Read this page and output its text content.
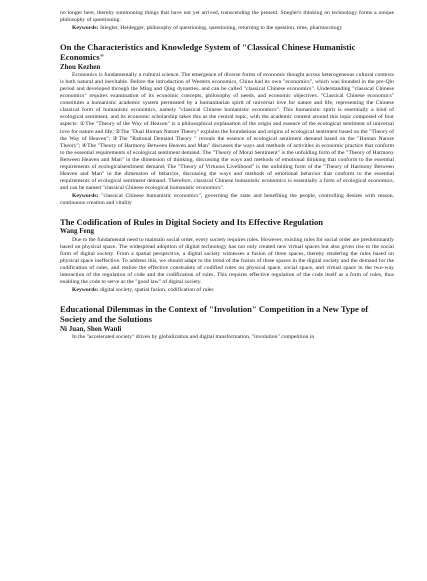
no longer here, thereby summoning things that have not yet arrived, transcending the present. Stiegler's thinking on technology forms a unique philosophy of questioning.

Keywords: Stiegler, Heidegger, philosophy of questioning, questioning, returning to the question, time, pharmacology

On the Characteristics and Knowledge System of "Classical Chinese Humanistic Economics"
Zhou Kezhen

Economics is fundamentally a cultural science. The emergence of diverse forms of economic thought across heterogeneous cultural contexts is both natural and inevitable. Before the introduction of Western economics, China had its own "economics", which was founded in the pre-Qin period and developed through the Ming and Qing dynasties, and can be called "classical Chinese economics". Understanding "classical Chinese economics" requires examination of its economic concepts, philosophy of needs, and economic objectives. "Classical Chinese economics" constitutes a humanistic academic system permeated by a humanitarian spirit of universal love for nature and life, representing the Chinese classical form of humanistic economics, namely "classical Chinese humanistic economics". This humanistic spirit is essentially a kind of ecological sentiment, and its economic scholarship takes this as the central topic, with the academic content around this topic composed of four aspects: ①The "Theory of the Way of Heaven" is a philosophical explanation of the origin and essence of the ecological sentiment of universal love for nature and life; ②The "Dual Human Nature Theory" explains the foundations and origins of ecological sentiment based on the "Theory of the Way of Heaven"; ③The "Rational Demand Theory " reveals the essence of ecological sentiment demand based on the "Human Nature Theory"; ④The "Theory of Harmony Between Heaven and Man" discusses the ways and methods of activities in economic practice that conform to the essential requirements of ecological sentiment demand. The "Theory of Moral Sentiment" is the unfolding form of the "Theory of Harmony Between Heaven and Man" in the dimension of thinking, discussing the ways and methods of emotional thinking that conform to the essential requirements of ecologicalsentiment demand; The "Theory of Virtuous Livelihood" is the unfolding form of the "Theory of Harmony Between Heaven and Man" in the dimension of behavior, discussing the ways and methods of emotional behavior that conform to the essential requirements of ecological sentiment demand. Therefore, classical Chinese humanistic economics is essentially a form of ecological economics, and can be named "classical Chinese ecological humanistic economics".

Keywords: "classical Chinese humanistic economics", governing the state and benefiting the people, controlling desires with reason, continuous creation and vitality

The Codification of Rules in Digital Society and Its Effective Regulation
Wang Feng

Due to the fundamental need to maintain social order, every society requires rules. However, existing rules for social order are predominantly based on physical space. The widespread adoption of digital technology has not only created new virtual spaces but also given rise to the social form of digital society. From a spatial perspective, a digital society witnesses a fusion of three spaces, thereby rendering the rules based on physical space ineffective. To address this, we should adapt to the trend of the fusion of three spaces in the digital society and the demand for the codification of rules, and realize the effective constraints of codified rules on physical space, social space, and virtual space in the two-way interaction of the regulation of code and the codification of rules. This requires effective regulation of the code itself as a form of rules, thus enabling the code to serve as the "good law" of digital society.

Keywords: digital society, spatial fusion, codification of rules

Educational Dilemmas in the Context of "Involution" Competition in a New Type of Society and the Solutions
Ni Juan, Shen Wanli

In the "accelerated society" driven by globalization and digital transformation, "involution" competition in
